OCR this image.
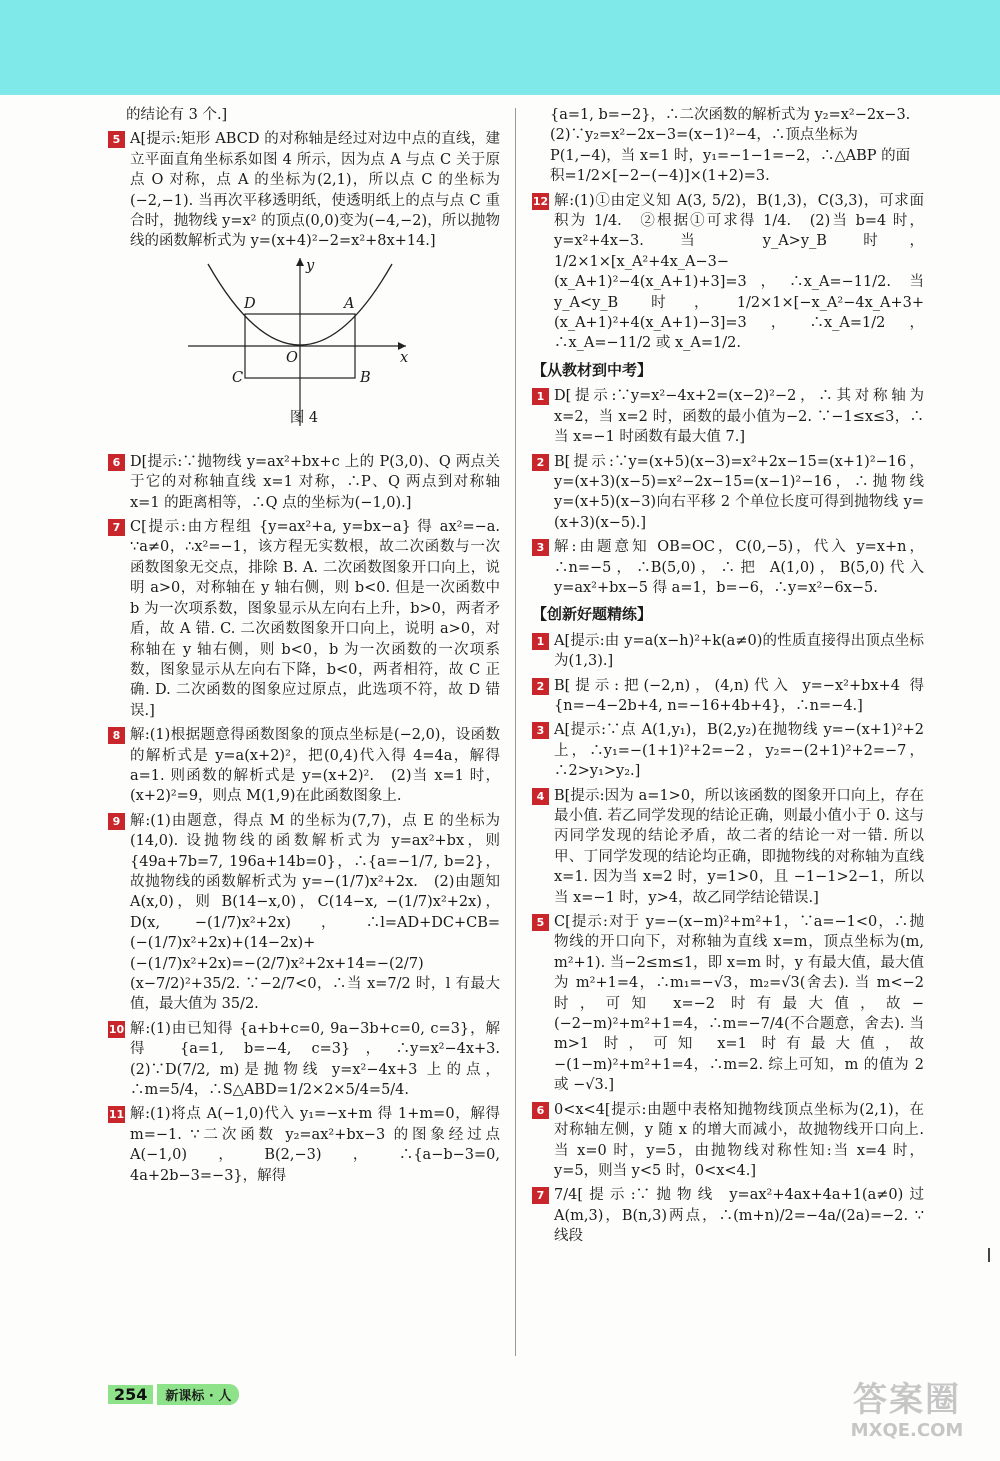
的结论有 3 个.]

5 A[提示:矩形 ABCD 的对称轴是经过对边中点的直线，建立平面直角坐标系如图 4 所示，因为点 A 与点 C 关于原点 O 对称，点 A 的坐标为(2,1)，所以点 C 的坐标为(−2,−1). 当再次平移透明纸，使透明纸上的点与点 C 重合时，抛物线 y=x² 的顶点(0,0)变为(−4,−2)，所以抛物线的函数解析式为 y=(x+4)²−2=x²+8x+14.]

y
x
O
A
D
C	B
图 4
6 D[提示:∵抛物线 y=ax²+bx+c 上的 P(3,0)、Q 两点关于它的对称轴直线 x=1 对称，∴P、Q 两点到对称轴 x=1 的距离相等，∴Q 点的坐标为(−1,0).]

7 C[提示:由方程组 {y=ax²+a, y=bx−a} 得 ax²=−a. ∵a≠0，∴x²=−1，该方程无实数根，故二次函数与一次函数图象无交点，排除 B. A. 二次函数图象开口向上，说明 a>0，对称轴在 y 轴右侧，则 b<0. 但是一次函数中 b 为一次项系数，图象显示从左向右上升，b>0，两者矛盾，故 A 错. C. 二次函数图象开口向上，说明 a>0，对称轴在 y 轴右侧，则 b<0，b 为一次函数的一次项系数，图象显示从左向右下降，b<0，两者相符，故 C 正确. D. 二次函数的图象应过原点，此选项不符，故 D 错误.]

8 解:(1)根据题意得函数图象的顶点坐标是(−2,0)，设函数的解析式是 y=a(x+2)²，把(0,4)代入得 4=4a，解得 a=1. 则函数的解析式是 y=(x+2)².　(2)当 x=1 时，(x+2)²=9，则点 M(1,9)在此函数图象上.

9 解:(1)由题意，得点 M 的坐标为(7,7)，点 E 的坐标为(14,0). 设抛物线的函数解析式为 y=ax²+bx，则 {49a+7b=7, 196a+14b=0}，∴{a=−1/7, b=2}，故抛物线的函数解析式为 y=−(1/7)x²+2x.　(2)由题知 A(x,0)，则 B(14−x,0)，C(14−x, −(1/7)x²+2x)，D(x, −(1/7)x²+2x)，∴l=AD+DC+CB=(−(1/7)x²+2x)+(14−2x)+(−(1/7)x²+2x)=−(2/7)x²+2x+14=−(2/7)(x−7/2)²+35/2. ∵−2/7<0，∴当 x=7/2 时，l 有最大值，最大值为 35/2.

10 解:(1)由已知得 {a+b+c=0, 9a−3b+c=0, c=3}，解得 {a=1, b=−4, c=3}，∴y=x²−4x+3.　(2)∵D(7/2, m)是抛物线 y=x²−4x+3 上的点，∴m=5/4，∴S△ABD=1/2×2×5/4=5/4.

11 解:(1)将点 A(−1,0)代入 y₁=−x+m 得 1+m=0，解得 m=−1. ∵二次函数 y₂=ax²+bx−3 的图象经过点 A(−1,0)，B(2,−3)，∴{a−b−3=0, 4a+2b−3=−3}，解得

{a=1, b=−2}，∴二次函数的解析式为 y₂=x²−2x−3.　(2)∵y₂=x²−2x−3=(x−1)²−4，∴顶点坐标为 P(1,−4)，当 x=1 时，y₁=−1−1=−2，∴△ABP 的面积=1/2×[−2−(−4)]×(1+2)=3.

12 解:(1)①由定义知 A(3, 5/2)，B(1,3)，C(3,3)，可求面积为 1/4.　②根据①可求得 1/4.　(2)当 b=4 时，y=x²+4x−3. 当 y_A>y_B 时，1/2×1×[x_A²+4x_A−3−(x_A+1)²−4(x_A+1)+3]=3，∴x_A=−11/2. 当 y_A<y_B 时，1/2×1×[−x_A²−4x_A+3+(x_A+1)²+4(x_A+1)−3]=3，∴x_A=1/2，∴x_A=−11/2 或 x_A=1/2.

【从教材到中考】
1 D[提示:∵y=x²−4x+2=(x−2)²−2，∴其对称轴为 x=2，当 x=2 时，函数的最小值为−2. ∵−1≤x≤3，∴当 x=−1 时函数有最大值 7.]

2 B[提示:∵y=(x+5)(x−3)=x²+2x−15=(x+1)²−16，y=(x+3)(x−5)=x²−2x−15=(x−1)²−16，∴抛物线 y=(x+5)(x−3)向右平移 2 个单位长度可得到抛物线 y=(x+3)(x−5).]

3 解:由题意知 OB=OC，C(0,−5)，代入 y=x+n，∴n=−5，∴B(5,0)，∴把 A(1,0)，B(5,0)代入 y=ax²+bx−5 得 a=1，b=−6，∴y=x²−6x−5.

【创新好题精练】
1 A[提示:由 y=a(x−h)²+k(a≠0)的性质直接得出顶点坐标为(1,3).]

2 B[提示:把(−2,n)，(4,n)代入 y=−x²+bx+4 得 {n=−4−2b+4, n=−16+4b+4}，∴n=−4.]

3 A[提示:∵点 A(1,y₁)，B(2,y₂)在抛物线 y=−(x+1)²+2 上，∴y₁=−(1+1)²+2=−2，y₂=−(2+1)²+2=−7，∴2>y₁>y₂.]

4 B[提示:因为 a=1>0，所以该函数的图象开口向上，存在最小值. 若乙同学发现的结论正确，则最小值小于 0. 这与丙同学发现的结论矛盾，故二者的结论一对一错. 所以甲、丁同学发现的结论均正确，即抛物线的对称轴为直线 x=1. 因为当 x=2 时，y=1>0，且 −1−1>2−1，所以当 x=−1 时，y>4，故乙同学结论错误.]

5 C[提示:对于 y=−(x−m)²+m²+1，∵a=−1<0，∴抛物线的开口向下，对称轴为直线 x=m，顶点坐标为(m, m²+1). 当−2≤m≤1，即 x=m 时，y 有最大值，最大值为 m²+1=4，∴m₁=−√3，m₂=√3(舍去). 当 m<−2 时，可知 x=−2 时有最大值，故−(−2−m)²+m²+1=4，∴m=−7/4(不合题意，舍去). 当 m>1 时，可知 x=1 时有最大值，故−(1−m)²+m²+1=4，∴m=2. 综上可知，m 的值为 2 或 −√3.]

6 0<x<4[提示:由题中表格知抛物线顶点坐标为(2,1)，在对称轴左侧，y 随 x 的增大而减小，故抛物线开口向上. 当 x=0 时，y=5，由抛物线对称性知:当 x=4 时，y=5，则当 y<5 时，0<x<4.]

7 7/4[提示:∵抛物线 y=ax²+4ax+4a+1(a≠0)过 A(m,3)，B(n,3)两点，∴(m+n)/2=−4a/(2a)=−2. ∵线段

254	新课标 · 人	答案圈
MXQE.COM
